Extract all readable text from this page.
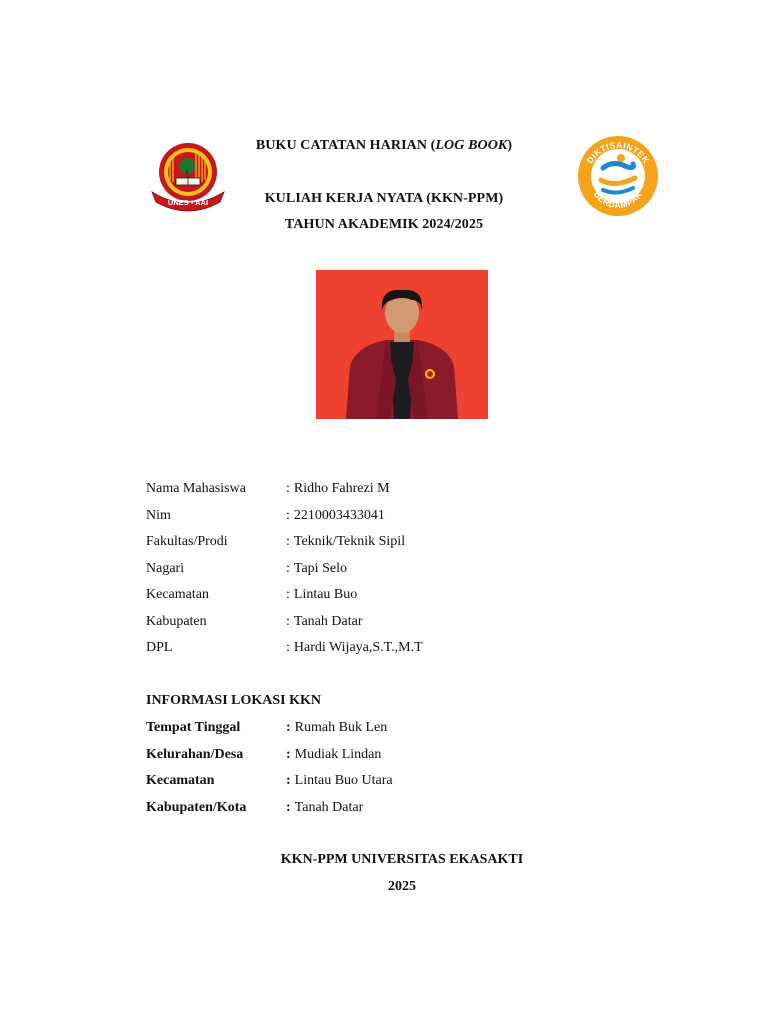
BUKU CATATAN HARIAN (LOG BOOK)
KULIAH KERJA NYATA (KKN-PPM)
TAHUN AKADEMIK 2024/2025
UNES - AAI
DIKTISAINTEK
BERDAMPAK
Nama Mahasiswa	: Ridho Fahrezi M
Nim	: 2210003433041
Fakultas/Prodi	: Teknik/Teknik Sipil
Nagari	: Tapi Selo
Kecamatan	: Lintau Buo
Kabupaten	: Tanah Datar
DPL	: Hardi Wijaya,S.T.,M.T
INFORMASI LOKASI KKN
Tempat Tinggal	: Rumah Buk Len
Kelurahan/Desa	: Mudiak Lindan
Kecamatan	: Lintau Buo Utara
Kabupaten/Kota	: Tanah Datar
KKN-PPM UNIVERSITAS EKASAKTI
2025
